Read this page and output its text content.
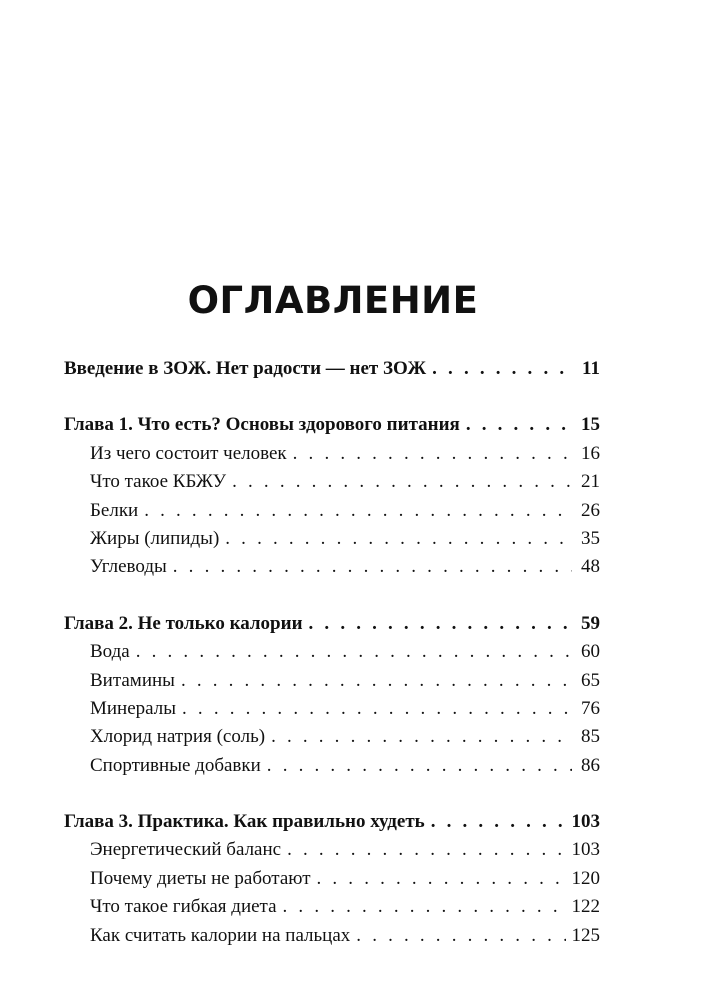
ОГЛАВЛЕНИЕ
Введение в ЗОЖ. Нет радости — нет ЗОЖ . . .	11
Глава 1. Что есть? Основы здорового питания . . .	15
Из чего состоит человек . . .	16
Что такое КБЖУ . . .	21
Белки . . .	26
Жиры (липиды) . . .	35
Углеводы . . .	48
Глава 2. Не только калории . . .	59
Вода . . .	60
Витамины . . .	65
Минералы . . .	76
Хлорид натрия (соль) . . .	85
Спортивные добавки . . .	86
Глава 3. Практика. Как правильно худеть . . .	103
Энергетический баланс . . .	103
Почему диеты не работают . . .	120
Что такое гибкая диета . . .	122
Как считать калории на пальцах . . .	125
